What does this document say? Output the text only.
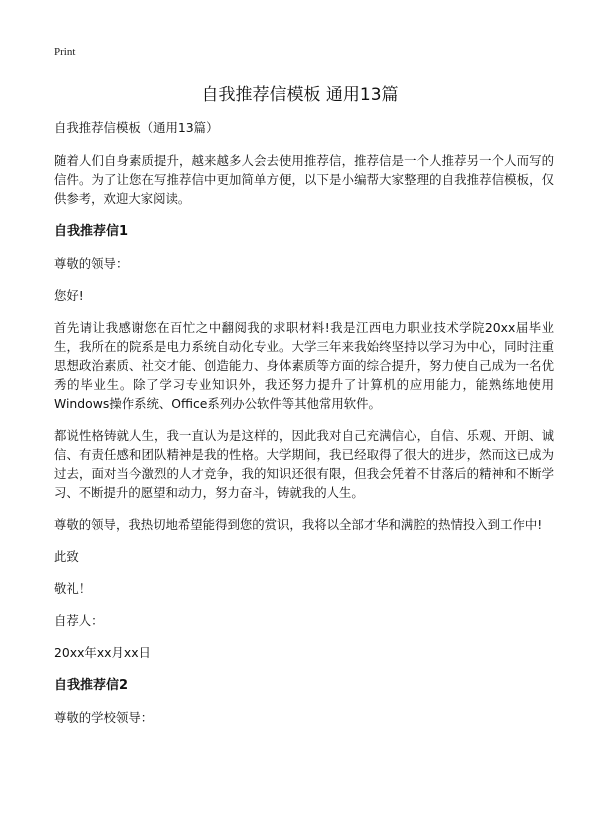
Print
自我推荐信模板 通用13篇

自我推荐信模板（通用13篇）

随着人们自身素质提升，越来越多人会去使用推荐信，推荐信是一个人推荐另一个人而写的信件。为了让您在写推荐信中更加简单方便，以下是小编帮大家整理的自我推荐信模板，仅供参考，欢迎大家阅读。

自我推荐信1

尊敬的领导：

您好!

首先请让我感谢您在百忙之中翻阅我的求职材料!我是江西电力职业技术学院20xx届毕业生，我所在的院系是电力系统自动化专业。大学三年来我始终坚持以学习为中心，同时注重思想政治素质、社交才能、创造能力、身体素质等方面的综合提升，努力使自己成为一名优秀的毕业生。除了学习专业知识外，我还努力提升了计算机的应用能力，能熟练地使用Windows操作系统、Office系列办公软件等其他常用软件。

都说性格铸就人生，我一直认为是这样的，因此我对自己充满信心，自信、乐观、开朗、诚信、有责任感和团队精神是我的性格。大学期间，我已经取得了很大的进步，然而这已成为过去，面对当今激烈的人才竞争，我的知识还很有限，但我会凭着不甘落后的精神和不断学习、不断提升的愿望和动力，努力奋斗，铸就我的人生。

尊敬的领导，我热切地希望能得到您的赏识，我将以全部才华和满腔的热情投入到工作中!

此致

敬礼！

自荐人：

20xx年xx月xx日

自我推荐信2

尊敬的学校领导：
